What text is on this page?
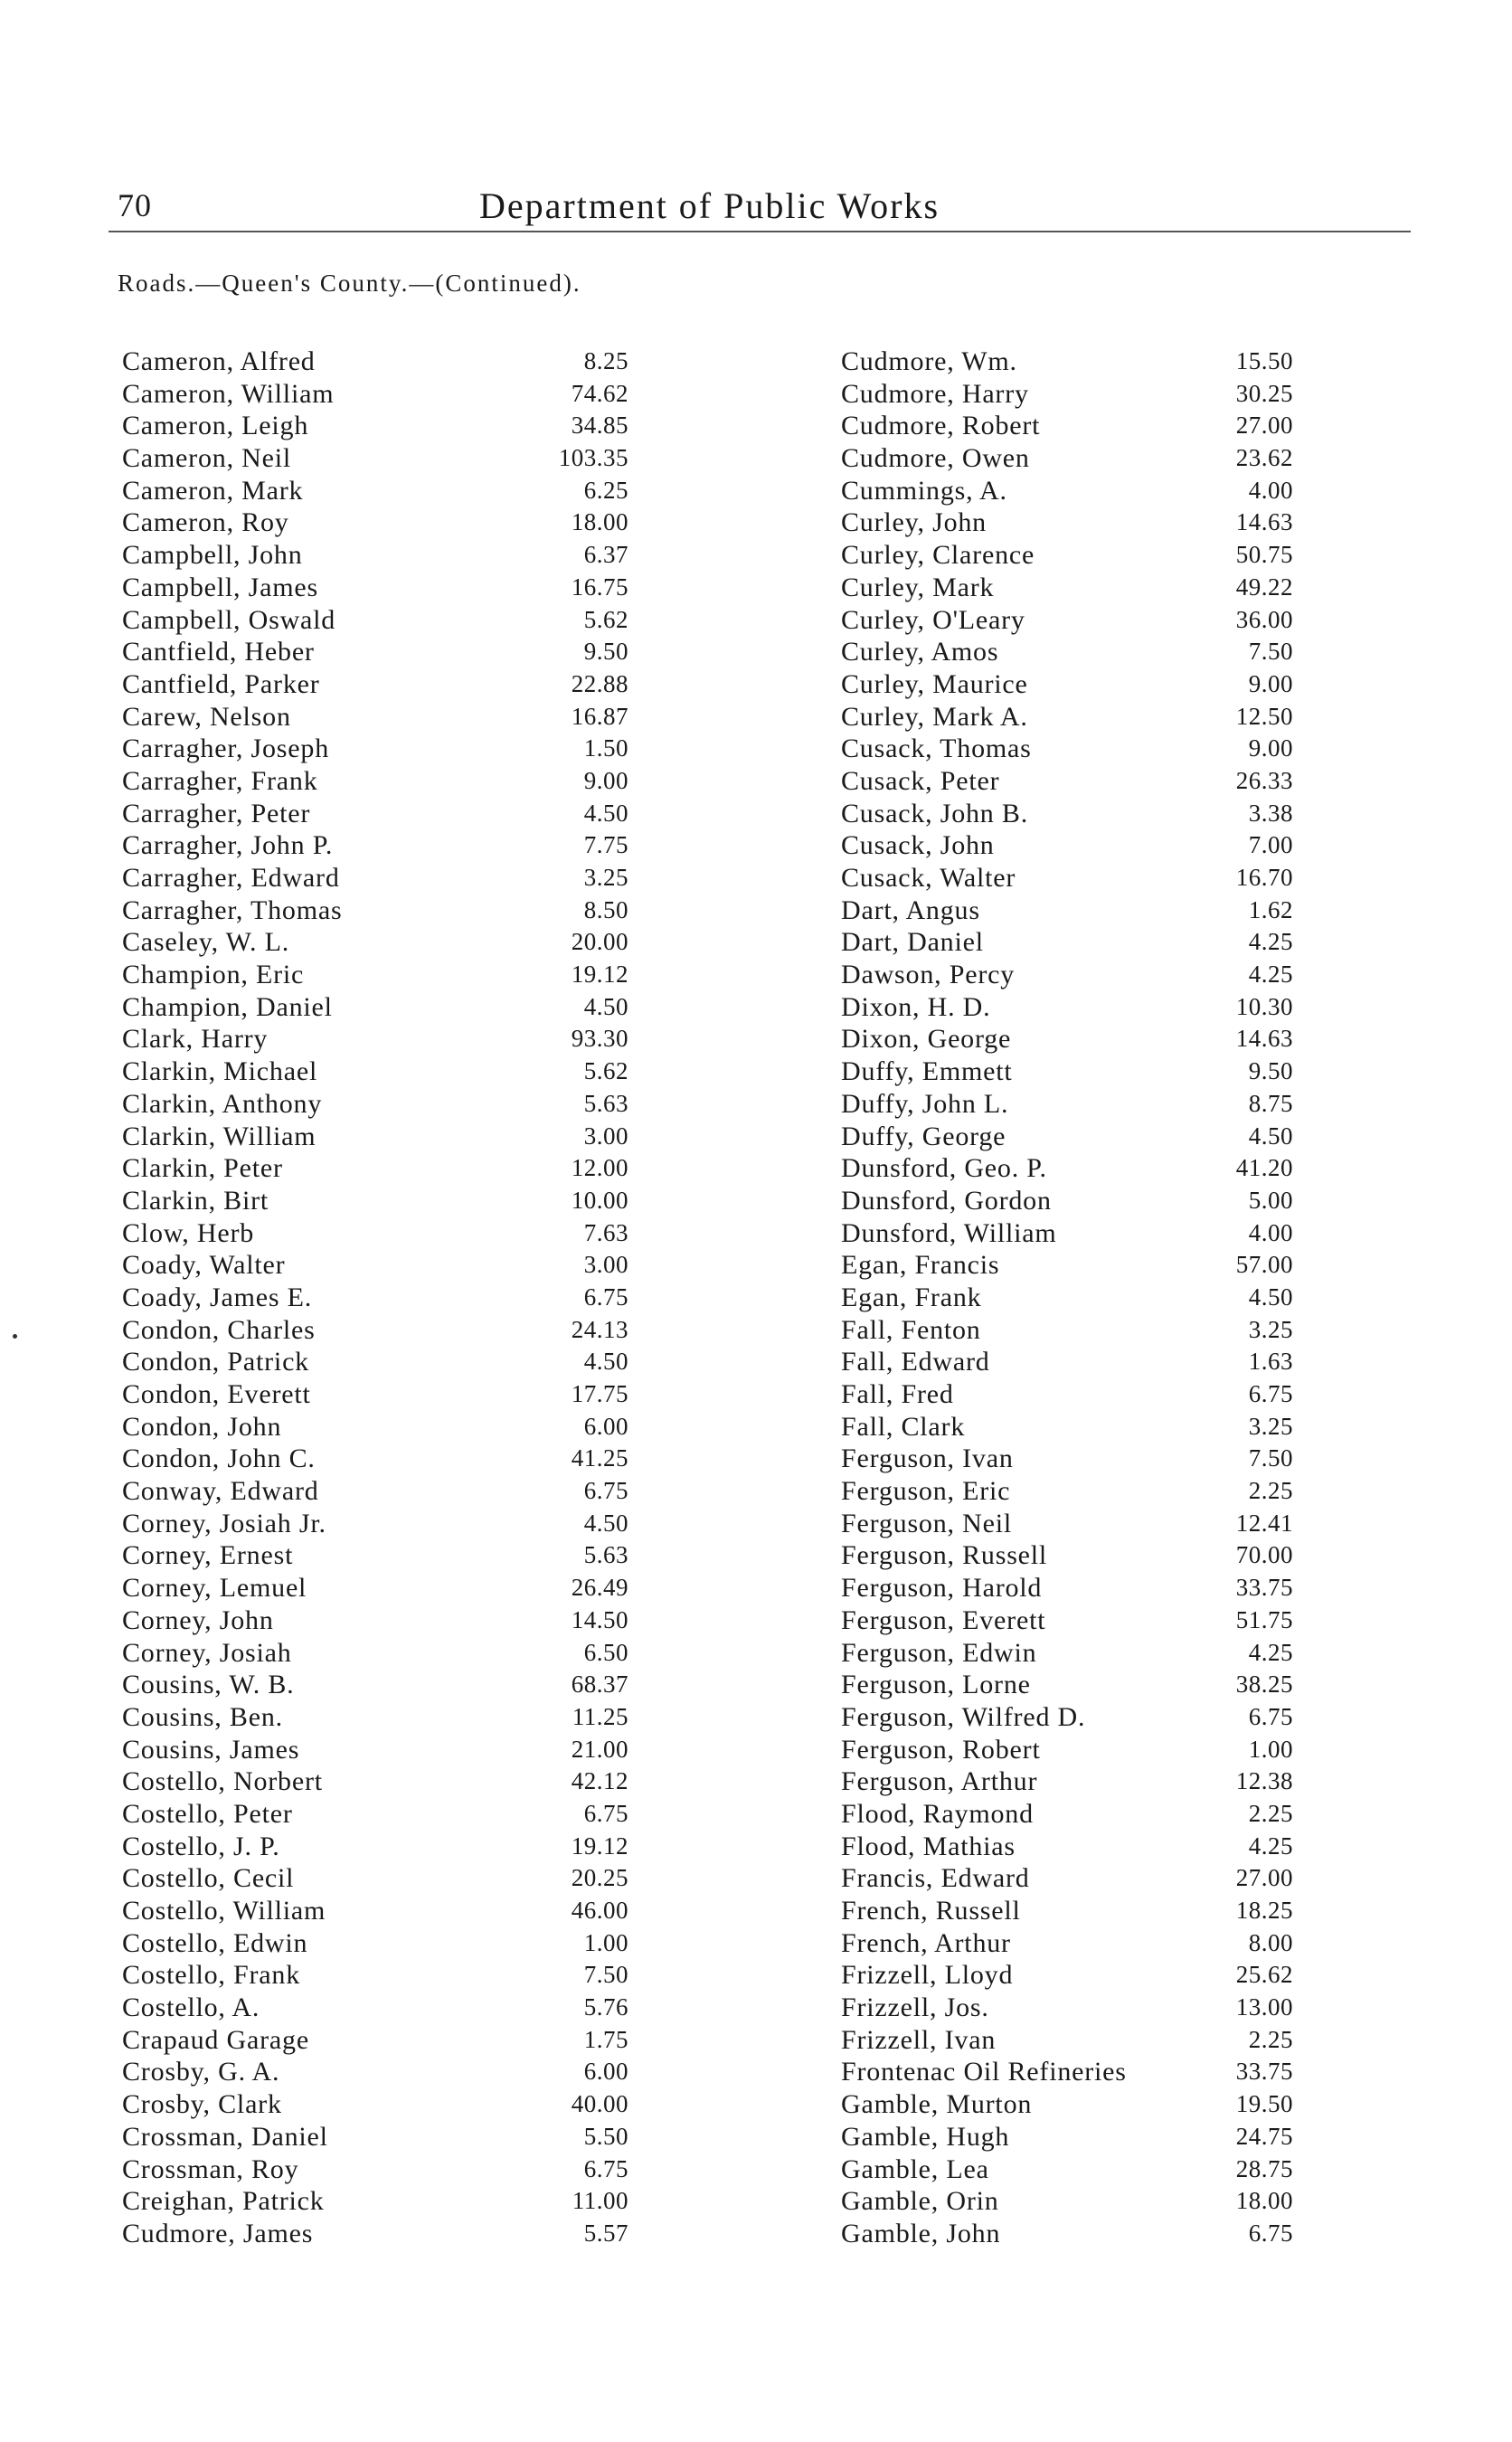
70	Department of Public Works
Roads.—Queen's County.—(Continued).
Cameron, Alfred	8.25
Cameron, William	74.62
Cameron, Leigh	34.85
Cameron, Neil	103.35
Cameron, Mark	6.25
Cameron, Roy	18.00
Campbell, John	6.37
Campbell, James	16.75
Campbell, Oswald	5.62
Cantfield, Heber	9.50
Cantfield, Parker	22.88
Carew, Nelson	16.87
Carragher, Joseph	1.50
Carragher, Frank	9.00
Carragher, Peter	4.50
Carragher, John P.	7.75
Carragher, Edward	3.25
Carragher, Thomas	8.50
Caseley, W. L.	20.00
Champion, Eric	19.12
Champion, Daniel	4.50
Clark, Harry	93.30
Clarkin, Michael	5.62
Clarkin, Anthony	5.63
Clarkin, William	3.00
Clarkin, Peter	12.00
Clarkin, Birt	10.00
Clow, Herb	7.63
Coady, Walter	3.00
Coady, James E.	6.75
Condon, Charles	24.13
Condon, Patrick	4.50
Condon, Everett	17.75
Condon, John	6.00
Condon, John C.	41.25
Conway, Edward	6.75
Corney, Josiah Jr.	4.50
Corney, Ernest	5.63
Corney, Lemuel	26.49
Corney, John	14.50
Corney, Josiah	6.50
Cousins, W. B.	68.37
Cousins, Ben.	11.25
Cousins, James	21.00
Costello, Norbert	42.12
Costello, Peter	6.75
Costello, J. P.	19.12
Costello, Cecil	20.25
Costello, William	46.00
Costello, Edwin	1.00
Costello, Frank	7.50
Costello, A.	5.76
Crapaud Garage	1.75
Crosby, G. A.	6.00
Crosby, Clark	40.00
Crossman, Daniel	5.50
Crossman, Roy	6.75
Creighan, Patrick	11.00
Cudmore, James	5.57
Cudmore, Wm.	15.50
Cudmore, Harry	30.25
Cudmore, Robert	27.00
Cudmore, Owen	23.62
Cummings, A.	4.00
Curley, John	14.63
Curley, Clarence	50.75
Curley, Mark	49.22
Curley, O'Leary	36.00
Curley, Amos	7.50
Curley, Maurice	9.00
Curley, Mark A.	12.50
Cusack, Thomas	9.00
Cusack, Peter	26.33
Cusack, John B.	3.38
Cusack, John	7.00
Cusack, Walter	16.70
Dart, Angus	1.62
Dart, Daniel	4.25
Dawson, Percy	4.25
Dixon, H. D.	10.30
Dixon, George	14.63
Duffy, Emmett	9.50
Duffy, John L.	8.75
Duffy, George	4.50
Dunsford, Geo. P.	41.20
Dunsford, Gordon	5.00
Dunsford, William	4.00
Egan, Francis	57.00
Egan, Frank	4.50
Fall, Fenton	3.25
Fall, Edward	1.63
Fall, Fred	6.75
Fall, Clark	3.25
Ferguson, Ivan	7.50
Ferguson, Eric	2.25
Ferguson, Neil	12.41
Ferguson, Russell	70.00
Ferguson, Harold	33.75
Ferguson, Everett	51.75
Ferguson, Edwin	4.25
Ferguson, Lorne	38.25
Ferguson, Wilfred D.	6.75
Ferguson, Robert	1.00
Ferguson, Arthur	12.38
Flood, Raymond	2.25
Flood, Mathias	4.25
Francis, Edward	27.00
French, Russell	18.25
French, Arthur	8.00
Frizzell, Lloyd	25.62
Frizzell, Jos.	13.00
Frizzell, Ivan	2.25
Frontenac Oil Refineries	33.75
Gamble, Murton	19.50
Gamble, Hugh	24.75
Gamble, Lea	28.75
Gamble, Orin	18.00
Gamble, John	6.75
